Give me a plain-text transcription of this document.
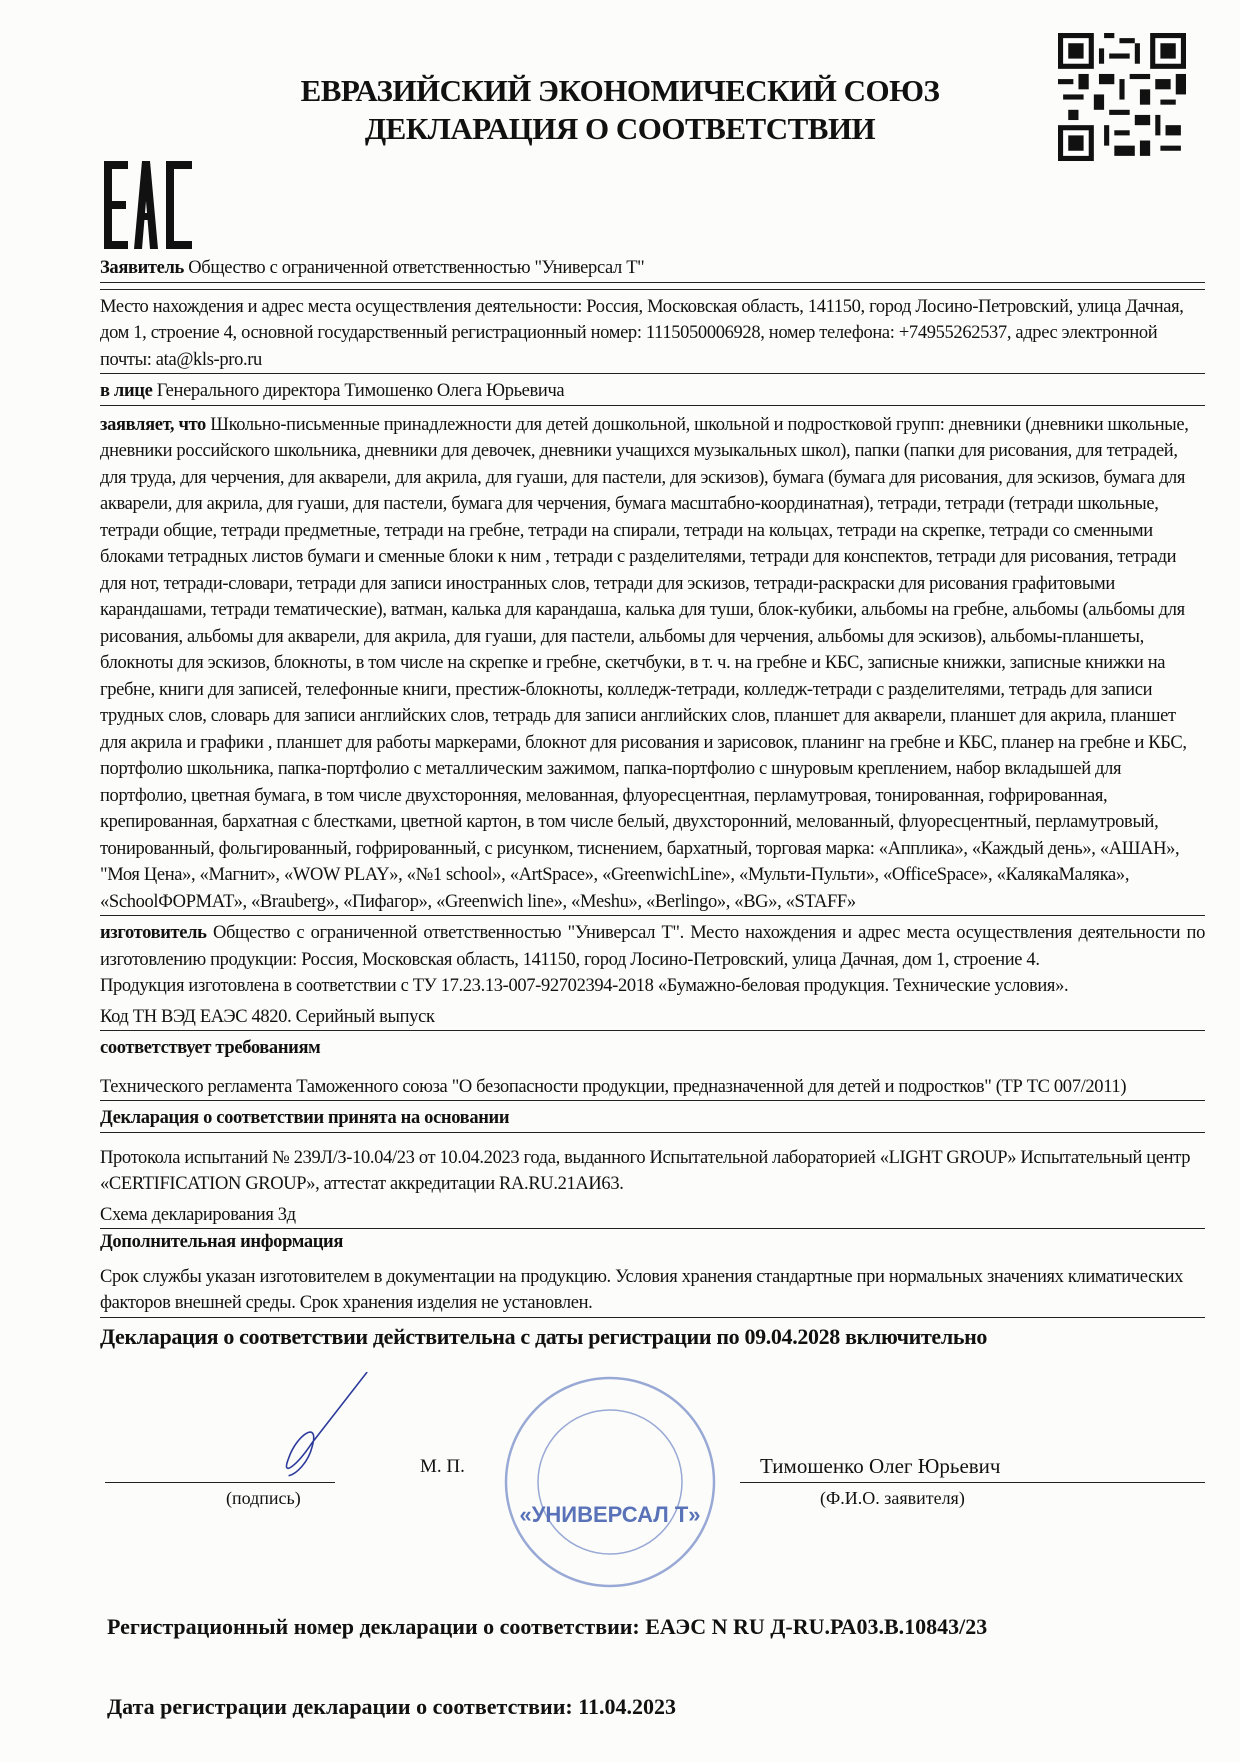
ЕВРАЗИЙСКИЙ ЭКОНОМИЧЕСКИЙ СОЮЗ
ДЕКЛАРАЦИЯ О СООТВЕТСТВИИ
Заявитель Общество с ограниченной ответственностью "Универсал Т"
Место нахождения и адрес места осуществления деятельности: Россия, Московская область, 141150, город Лосино-Петровский, улица Дачная, дом 1, строение 4, основной государственный регистрационный номер: 1115050006928, номер телефона: +74955262537, адрес электронной почты: ata@kls-pro.ru
в лице Генерального директора Тимошенко Олега Юрьевича
заявляет, что Школьно-письменные принадлежности для детей дошкольной, школьной и подростковой групп: дневники (дневники школьные, дневники российского школьника, дневники для девочек, дневники учащихся музыкальных школ), папки (папки для рисования, для тетрадей, для труда, для черчения, для акварели, для акрила, для гуаши, для пастели, для эскизов), бумага (бумага для рисования, для эскизов, бумага для акварели, для акрила, для гуаши, для пастели, бумага для черчения, бумага масштабно-координатная), тетради, тетради (тетради школьные, тетради общие, тетради предметные, тетради на гребне, тетради на спирали, тетради на кольцах, тетради на скрепке, тетради со сменными блоками тетрадных листов бумаги и сменные блоки к ним , тетради с разделителями, тетради для конспектов, тетради для рисования, тетради для нот, тетради-словари, тетради для записи иностранных слов, тетради для эскизов, тетради-раскраски для рисования графитовыми карандашами, тетради тематические), ватман, калька для карандаша, калька для туши, блок-кубики, альбомы на гребне, альбомы (альбомы для рисования, альбомы для акварели, для акрила, для гуаши, для пастели, альбомы для черчения, альбомы для эскизов), альбомы-планшеты, блокноты для эскизов, блокноты, в том числе на скрепке и гребне, скетчбуки, в т. ч. на гребне и КБС, записные книжки, записные книжки на гребне, книги для записей, телефонные книги, престиж-блокноты, колледж-тетради, колледж-тетради с разделителями, тетрадь для записи трудных слов, словарь для записи английских слов, тетрадь для записи английских слов, планшет для акварели, планшет для акрила, планшет для акрила и графики , планшет для работы маркерами, блокнот для рисования и зарисовок, планинг на гребне и КБС, планер на гребне и КБС, портфолио школьника, папка-портфолио с металлическим зажимом, папка-портфолио с шнуровым креплением, набор вкладышей для портфолио, цветная бумага, в том числе двухсторонняя, мелованная, флуоресцентная, перламутровая, тонированная, гофрированная, крепированная, бархатная с блестками, цветной картон, в том числе белый, двухсторонний, мелованный, флуоресцентный, перламутровый, тонированный, фольгированный, гофрированный, с рисунком, тиснением, бархатный, торговая марка: «Апплика», «Каждый день», «АШАН», "Моя Цена», «Магнит», «WOW PLAY», «№1 school», «ArtSpace», «GreenwichLine», «Мульти-Пульти», «OfficeSpace», «КалякаМаляка», «SchoolФОРМАТ», «Brauberg», «Пифагор», «Greenwich line», «Meshu», «Berlingo», «BG», «STAFF»
изготовитель Общество с ограниченной ответственностью "Универсал Т". Место нахождения и адрес места осуществления деятельности по изготовлению продукции: Россия, Московская область, 141150, город Лосино-Петровский, улица Дачная, дом 1, строение 4.
Продукция изготовлена в соответствии с ТУ 17.23.13-007-92702394-2018 «Бумажно-беловая продукция. Технические условия».
Код ТН ВЭД ЕАЭС 4820. Серийный выпуск
соответствует требованиям
Технического регламента Таможенного союза "О безопасности продукции, предназначенной для детей и подростков" (ТР ТС 007/2011)
Декларация о соответствии принята на основании
Протокола испытаний № 239Л/З-10.04/23 от 10.04.2023 года, выданного Испытательной лабораторией «LIGHT GROUP» Испытательный центр «CERTIFICATION GROUP», аттестат аккредитации RA.RU.21АИ63.
Схема декларирования 3д
Дополнительная информация
Срок службы указан изготовителем в документации на продукцию. Условия хранения стандартные при нормальных значениях климатических факторов внешней среды. Срок хранения изделия не установлен.
Декларация о соответствии действительна с даты регистрации по 09.04.2028 включительно
«УНИВЕРСАЛ Т»
(подпись)
М. П.	Тимошенко Олег Юрьевич
(Ф.И.О. заявителя)
Регистрационный номер декларации о соответствии: ЕАЭС N RU Д-RU.РА03.В.10843/23
Дата регистрации декларации о соответствии: 11.04.2023
